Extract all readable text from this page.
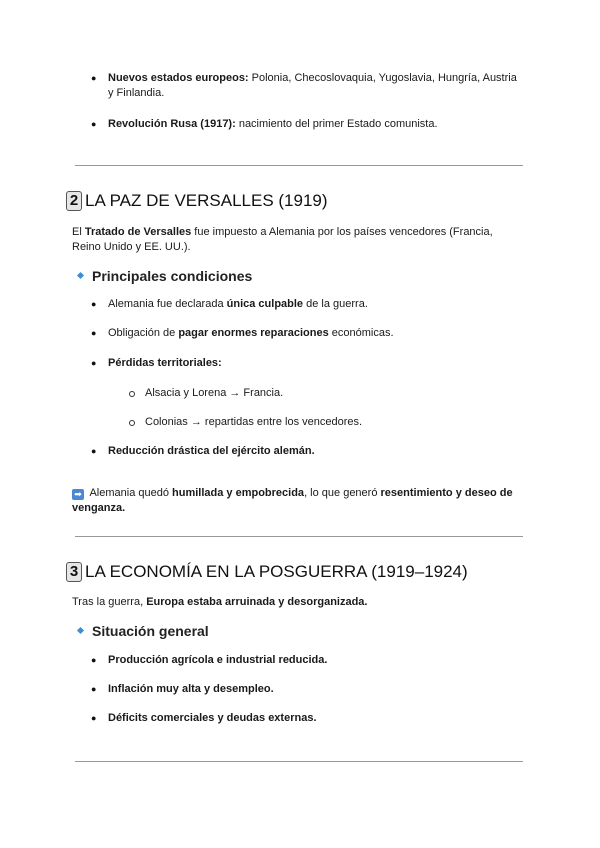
● Nuevos estados europeos: Polonia, Checoslovaquia, Yugoslavia, Hungría, Austria
y Finlandia.
● Revolución Rusa (1917): nacimiento del primer Estado comunista.
2 LA PAZ DE VERSALLES (1919)
El Tratado de Versalles fue impuesto a Alemania por los países vencedores (Francia,
Reino Unido y EE. UU.).
Principales condiciones
● Alemania fue declarada única culpable de la guerra.
● Obligación de pagar enormes reparaciones económicas.
● Pérdidas territoriales:
Alsacia y Lorena → Francia.
Colonias → repartidas entre los vencedores.
● Reducción drástica del ejército alemán.
➡ Alemania quedó humillada y empobrecida, lo que generó resentimiento y deseo de
venganza.
3 LA ECONOMÍA EN LA POSGUERRA (1919–1924)
Tras la guerra, Europa estaba arruinada y desorganizada.
Situación general
● Producción agrícola e industrial reducida.
● Inflación muy alta y desempleo.
● Déficits comerciales y deudas externas.
